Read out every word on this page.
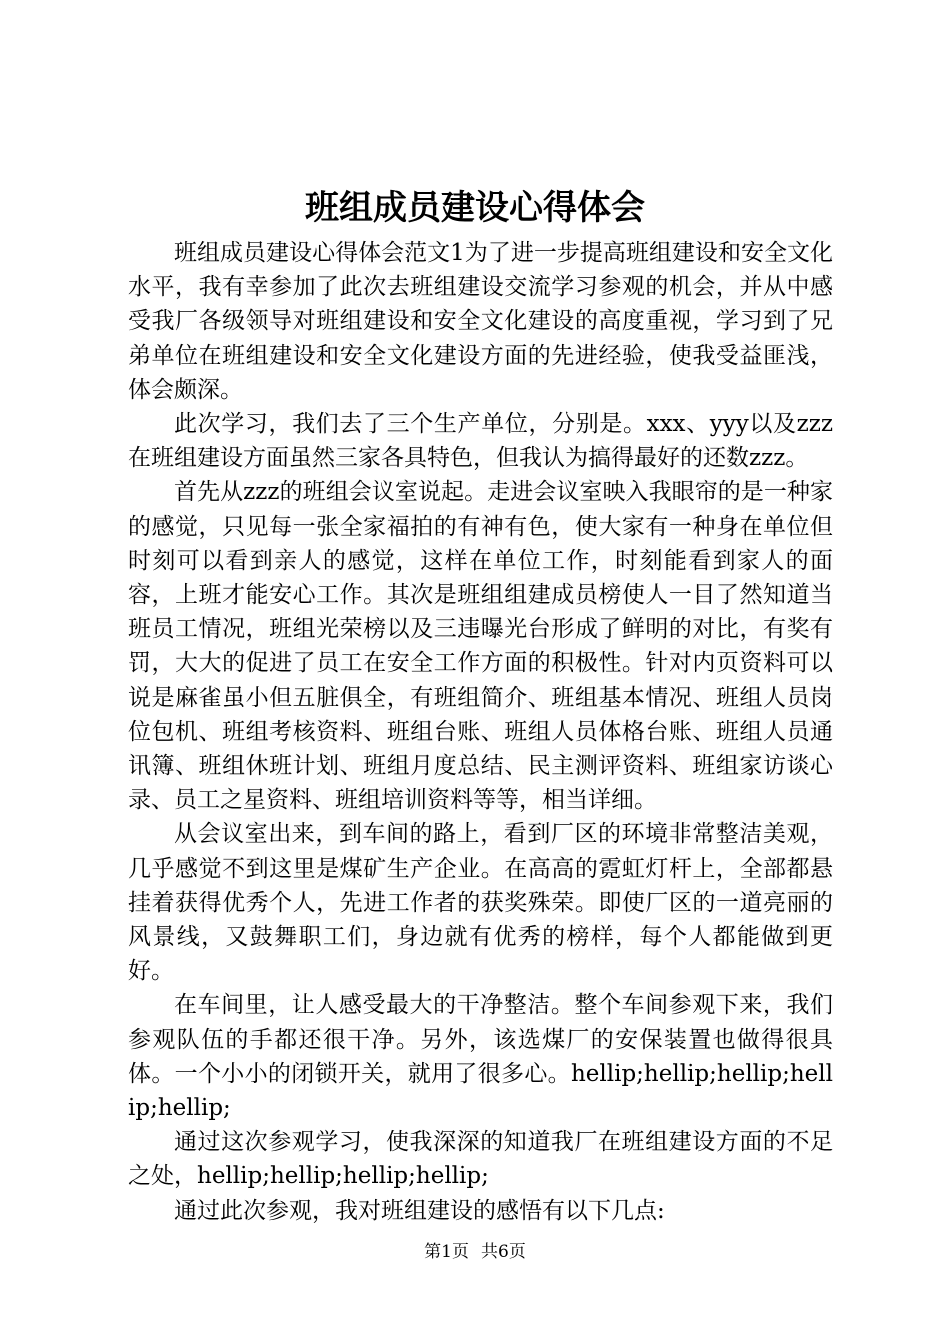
班组成员建设心得体会

班组成员建设心得体会范文1为了进一步提高班组建设和安全文化水平，我有幸参加了此次去班组建设交流学习参观的机会，并从中感受我厂各级领导对班组建设和安全文化建设的高度重视，学习到了兄弟单位在班组建设和安全文化建设方面的先进经验，使我受益匪浅，体会颇深。

此次学习，我们去了三个生产单位，分别是。xxx、yyy以及zzz在班组建设方面虽然三家各具特色，但我认为搞得最好的还数zzz。

首先从zzz的班组会议室说起。走进会议室映入我眼帘的是一种家的感觉，只见每一张全家福拍的有神有色，使大家有一种身在单位但时刻可以看到亲人的感觉，这样在单位工作，时刻能看到家人的面容，上班才能安心工作。其次是班组组建成员榜使人一目了然知道当班员工情况，班组光荣榜以及三违曝光台形成了鲜明的对比，有奖有罚，大大的促进了员工在安全工作方面的积极性。针对内页资料可以说是麻雀虽小但五脏俱全，有班组简介、班组基本情况、班组人员岗位包机、班组考核资料、班组台账、班组人员体格台账、班组人员通讯簿、班组休班计划、班组月度总结、民主测评资料、班组家访谈心录、员工之星资料、班组培训资料等等，相当详细。

从会议室出来，到车间的路上，看到厂区的环境非常整洁美观，几乎感觉不到这里是煤矿生产企业。在高高的霓虹灯杆上，全部都悬挂着获得优秀个人，先进工作者的获奖殊荣。即使厂区的一道亮丽的风景线，又鼓舞职工们，身边就有优秀的榜样，每个人都能做到更好。

在车间里，让人感受最大的干净整洁。整个车间参观下来，我们参观队伍的手都还很干净。另外，该选煤厂的安保装置也做得很具体。一个小小的闭锁开关，就用了很多心。hellip;hellip;hellip;hellip;hellip;

通过这次参观学习，使我深深的知道我厂在班组建设方面的不足之处，hellip;hellip;hellip;hellip;

通过此次参观，我对班组建设的感悟有以下几点:

第1页 共6页
